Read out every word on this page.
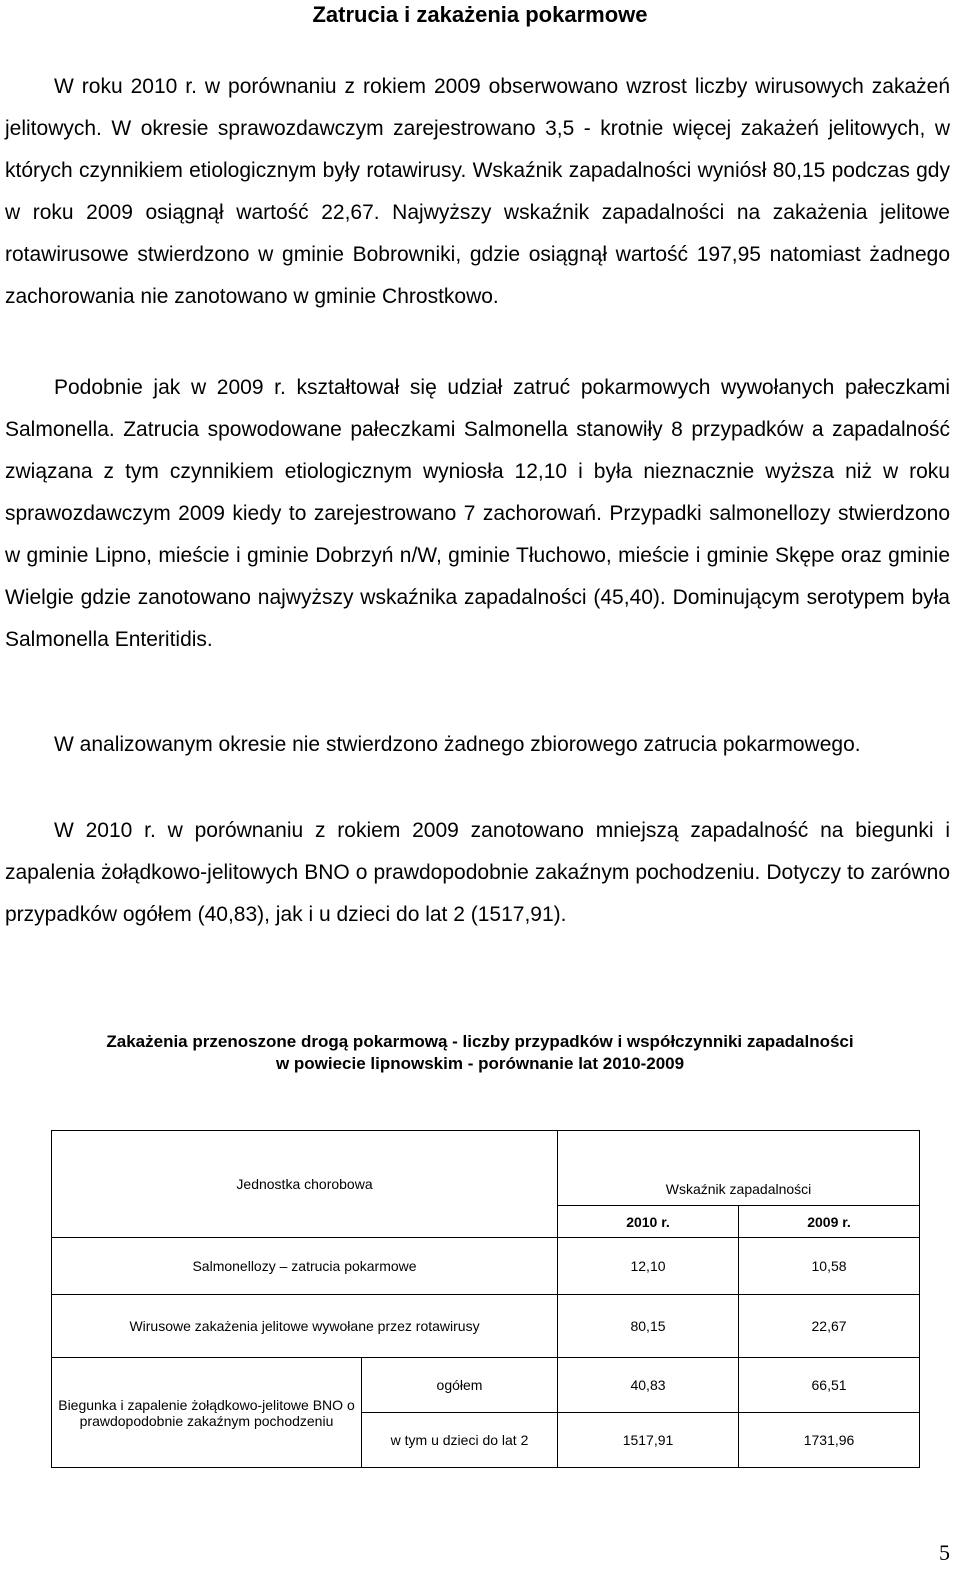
Zatrucia i zakażenia pokarmowe

W roku 2010 r. w porównaniu z rokiem 2009 obserwowano wzrost liczby wirusowych zakażeń jelitowych. W okresie sprawozdawczym zarejestrowano 3,5 - krotnie więcej zakażeń jelitowych, w których czynnikiem etiologicznym były rotawirusy. Wskaźnik zapadalności wyniósł 80,15 podczas gdy w roku 2009 osiągnął wartość 22,67. Najwyższy wskaźnik zapadalności na zakażenia jelitowe rotawirusowe stwierdzono w gminie Bobrowniki, gdzie osiągnął wartość 197,95 natomiast żadnego zachorowania nie zanotowano w gminie Chrostkowo.

Podobnie jak w 2009 r. kształtował się udział zatruć pokarmowych wywołanych pałeczkami Salmonella. Zatrucia spowodowane pałeczkami Salmonella stanowiły 8 przypadków a zapadalność związana z tym czynnikiem etiologicznym wyniosła 12,10 i była nieznacznie wyższa niż w roku sprawozdawczym 2009 kiedy to zarejestrowano 7 zachorowań. Przypadki salmonellozy stwierdzono w gminie Lipno, mieście i gminie Dobrzyń n/W, gminie Tłuchowo, mieście i gminie Skępe oraz gminie Wielgie gdzie zanotowano najwyższy wskaźnika zapadalności (45,40). Dominującym serotypem była Salmonella Enteritidis.

W analizowanym okresie nie stwierdzono żadnego zbiorowego zatrucia pokarmowego.

W 2010 r. w porównaniu z rokiem 2009 zanotowano mniejszą zapadalność na biegunki i zapalenia żołądkowo-jelitowych BNO o prawdopodobnie zakaźnym pochodzeniu. Dotyczy to zarówno przypadków ogółem (40,83), jak i u dzieci do lat 2 (1517,91).

Zakażenia przenoszone drogą pokarmową - liczby przypadków i współczynniki zapadalności
w powiecie lipnowskim - porównanie lat 2010-2009
Jednostka chorobowa		Wskaźnik zapadalności	
		2010 r.	2009 r.
Salmonellozy – zatrucia pokarmowe		12,10	10,58
Wirusowe zakażenia jelitowe wywołane przez rotawirusy		80,15	22,67
Biegunka i zapalenie żołądkowo-jelitowe BNO o prawdopodobnie zakaźnym pochodzeniu	ogółem	40,83	66,51
	w tym u dzieci do lat 2	1517,91	1731,96
5
